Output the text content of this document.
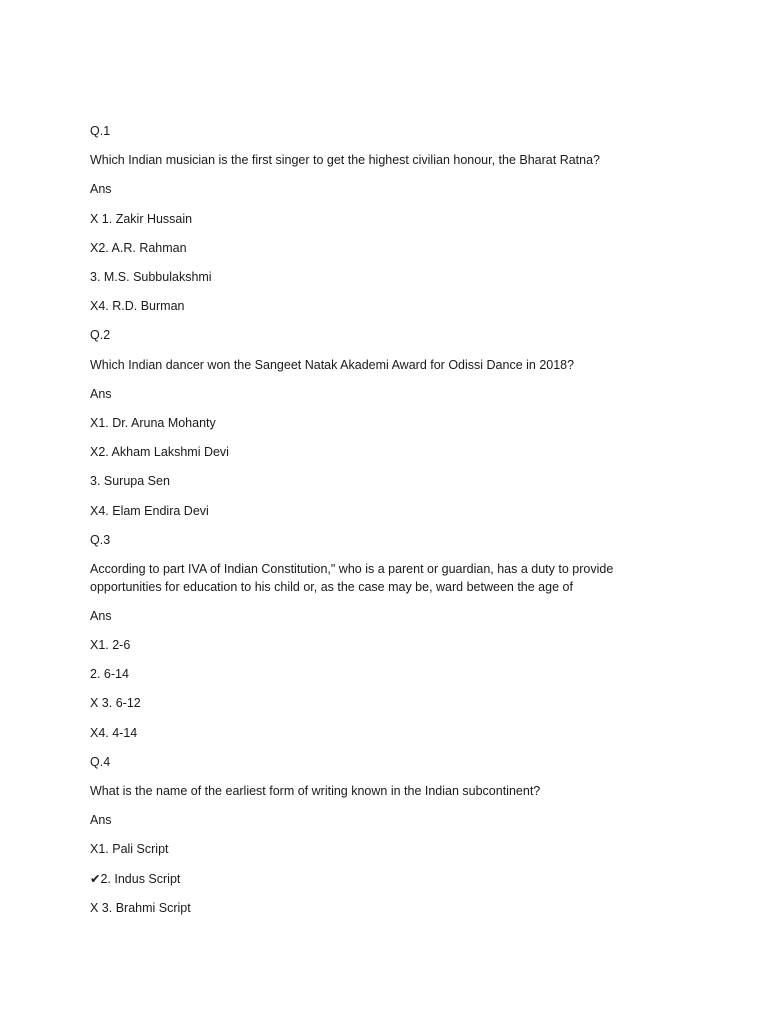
Q.1
Which Indian musician is the first singer to get the highest civilian honour, the Bharat Ratna?
Ans
X 1. Zakir Hussain
X2. A.R. Rahman
3. M.S. Subbulakshmi
X4. R.D. Burman
Q.2
Which Indian dancer won the Sangeet Natak Akademi Award for Odissi Dance in 2018?
Ans
X1. Dr. Aruna Mohanty
X2. Akham Lakshmi Devi
3. Surupa Sen
X4. Elam Endira Devi
Q.3
According to part IVA of Indian Constitution," who is a parent or guardian, has a duty to provide opportunities for education to his child or, as the case may be, ward between the age of
Ans
X1. 2-6
2. 6-14
X 3. 6-12
X4. 4-14
Q.4
What is the name of the earliest form of writing known in the Indian subcontinent?
Ans
X1. Pali Script
✔2. Indus Script
X 3. Brahmi Script
